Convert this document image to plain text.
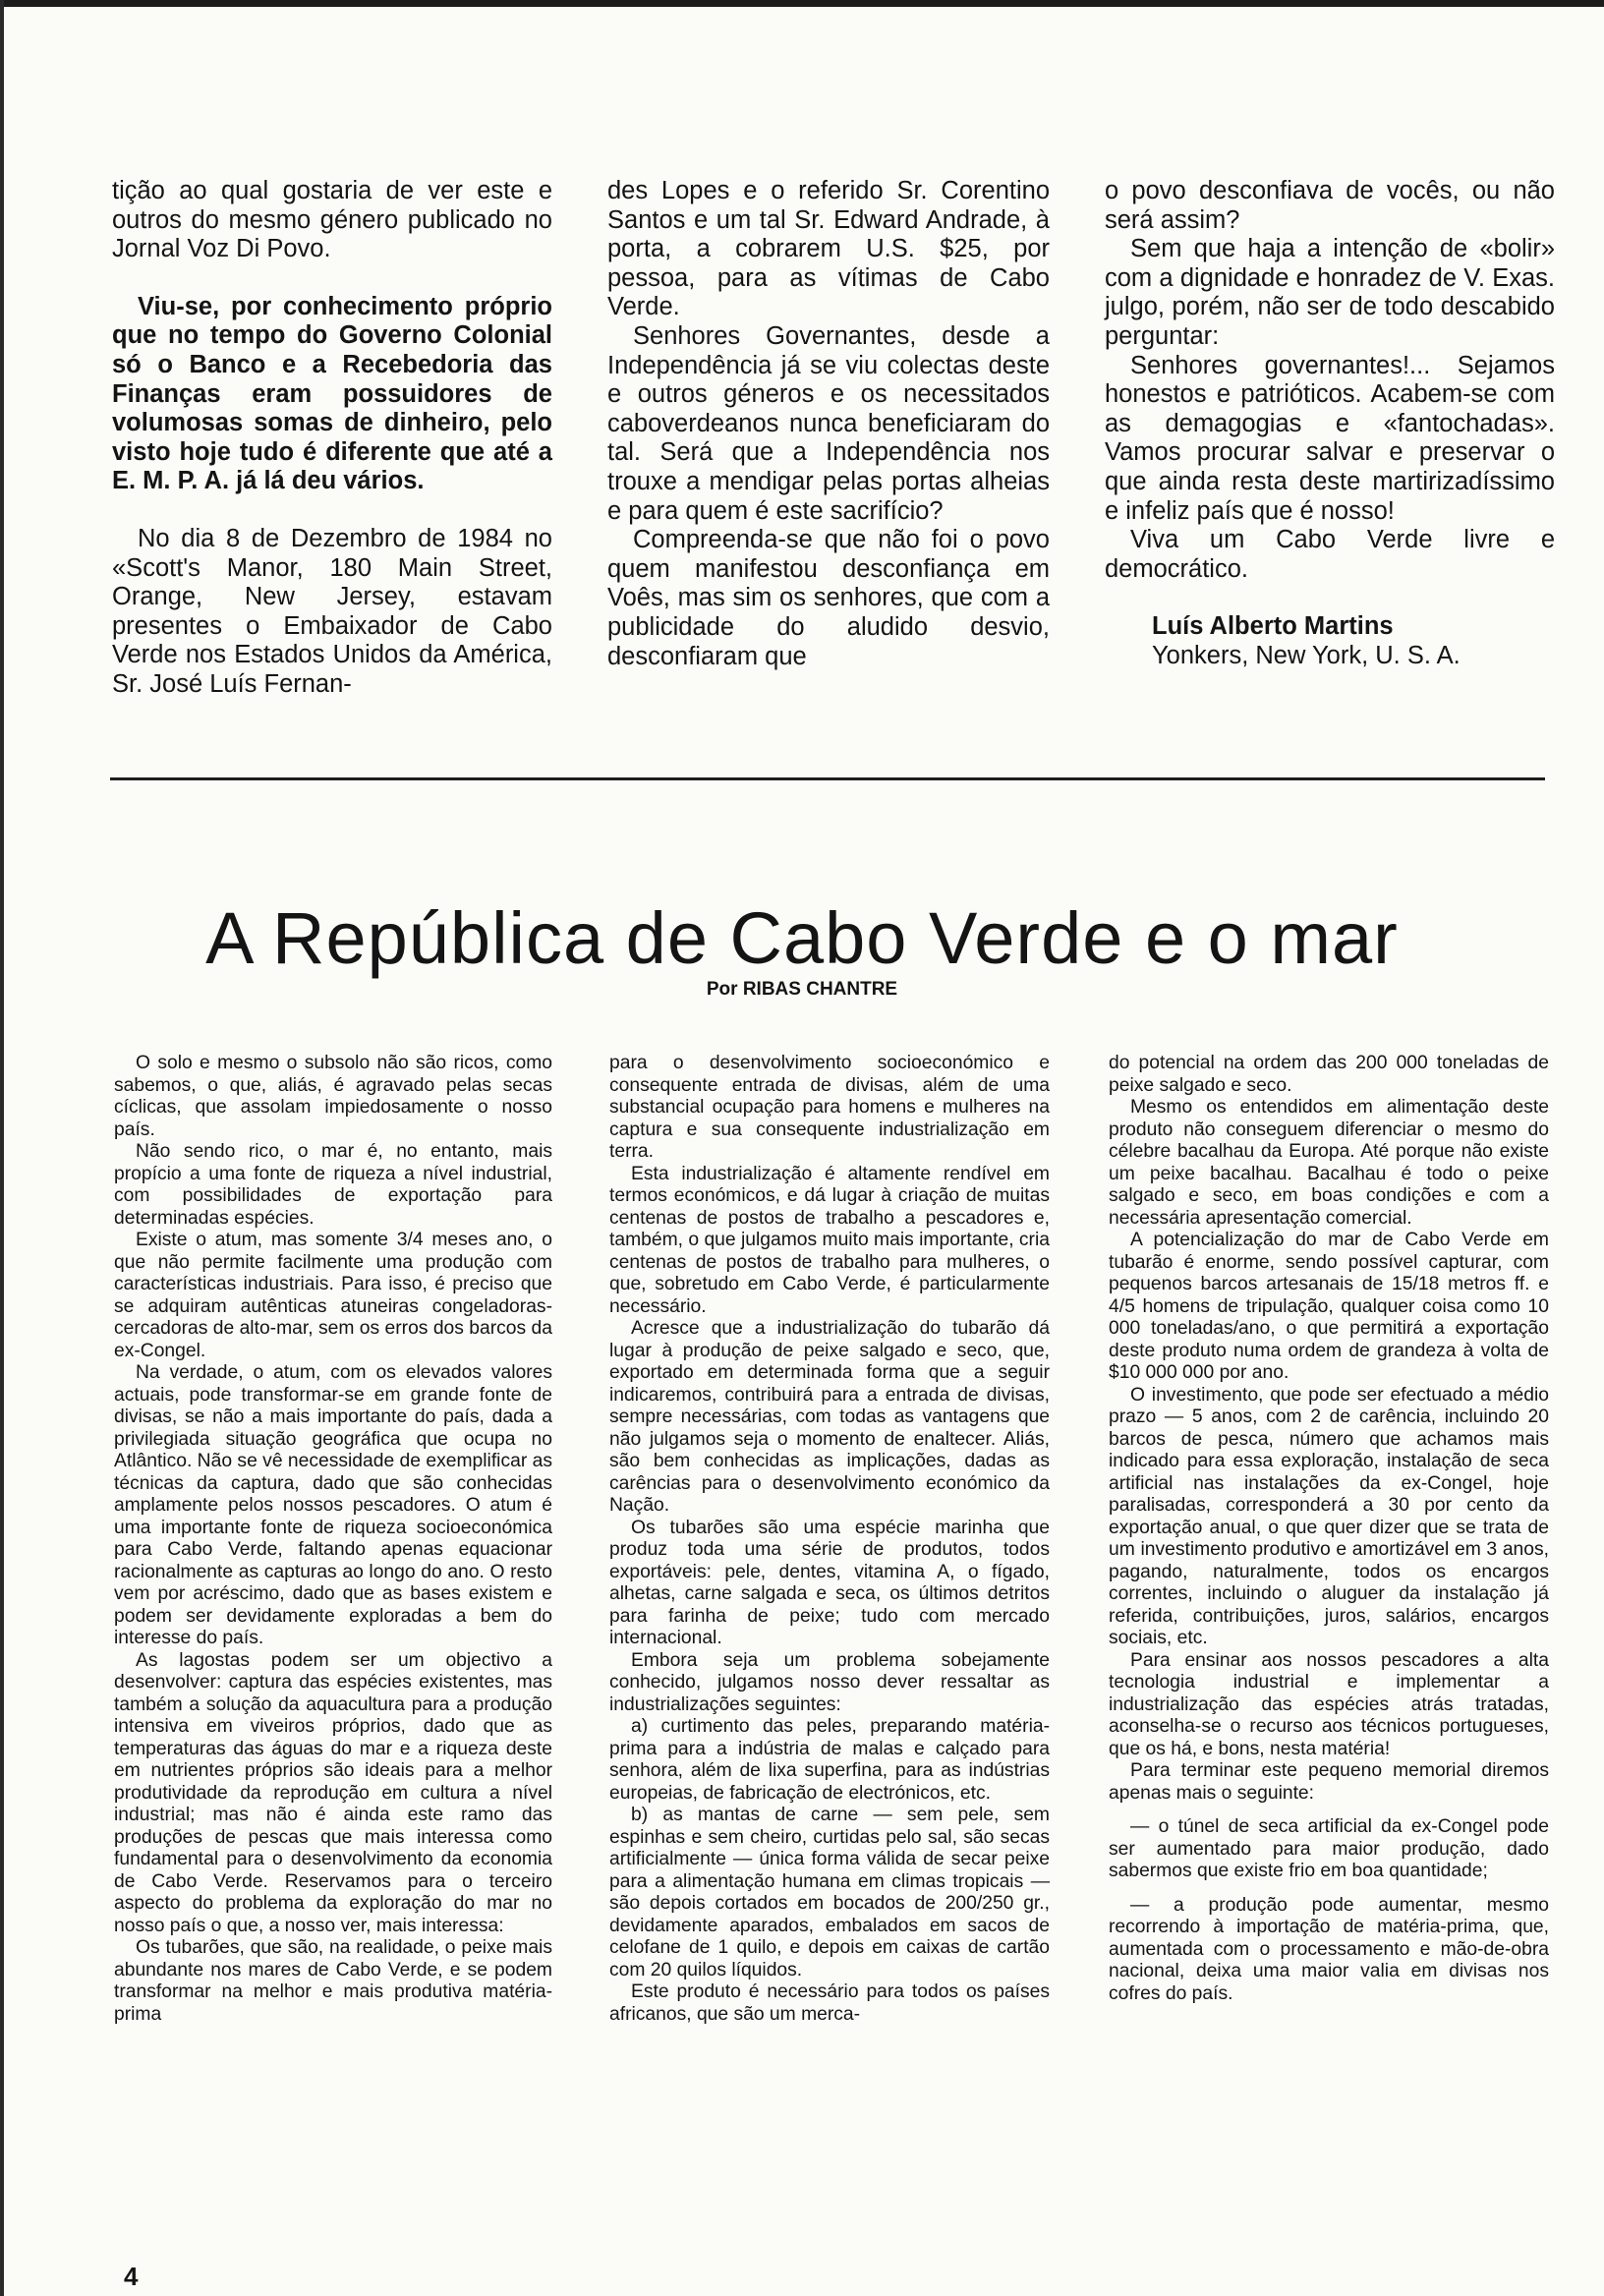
tição ao qual gostaria de ver este e outros do mesmo género publicado no Jornal Voz Di Povo.

Viu-se, por conhecimento próprio que no tempo do Governo Colonial só o Banco e a Recebedoria das Finanças eram possuidores de volumosas somas de dinheiro, pelo visto hoje tudo é diferente que até a E. M. P. A. já lá deu vários.

No dia 8 de Dezembro de 1984 no «Scott's Manor, 180 Main Street, Orange, New Jersey, estavam presentes o Embaixador de Cabo Verde nos Estados Unidos da América, Sr. José Luís Fernan-

des Lopes e o referido Sr. Corentino Santos e um tal Sr. Edward Andrade, à porta, a cobrarem U.S. $25, por pessoa, para as vítimas de Cabo Verde.

Senhores Governantes, desde a Independência já se viu colectas deste e outros géneros e os necessitados caboverdeanos nunca beneficiaram do tal. Será que a Independência nos trouxe a mendigar pelas portas alheias e para quem é este sacrifício?

Compreenda-se que não foi o povo quem manifestou desconfiança em Voês, mas sim os senhores, que com a publicidade do aludido desvio, desconfiaram que

o povo desconfiava de vocês, ou não será assim?

Sem que haja a intenção de «bolir» com a dignidade e honradez de V. Exas. julgo, porém, não ser de todo descabido perguntar:

Senhores governantes!... Sejamos honestos e patrióticos. Acabem-se com as demagogias e «fantochadas». Vamos procurar salvar e preservar o que ainda resta deste martirizadíssimo e infeliz país que é nosso!

Viva um Cabo Verde livre e democrático.

Luís Alberto Martins
Yonkers, New York, U. S. A.
A República de Cabo Verde e o mar
Por RIBAS CHANTRE

O solo e mesmo o subsolo não são ricos, como sabemos, o que, aliás, é agravado pelas secas cíclicas, que assolam impiedosamente o nosso país.

Não sendo rico, o mar é, no entanto, mais propício a uma fonte de riqueza a nível industrial, com possibilidades de exportação para determinadas espécies.

Existe o atum, mas somente 3/4 meses ano, o que não permite facilmente uma produção com características industriais. Para isso, é preciso que se adquiram autênticas atuneiras congeladoras-cercadoras de alto-mar, sem os erros dos barcos da ex-Congel.

Na verdade, o atum, com os elevados valores actuais, pode transformar-se em grande fonte de divisas, se não a mais importante do país, dada a privilegiada situação geográfica que ocupa no Atlântico. Não se vê necessidade de exemplificar as técnicas da captura, dado que são conhecidas amplamente pelos nossos pescadores. O atum é uma importante fonte de riqueza socioeconómica para Cabo Verde, faltando apenas equacionar racionalmente as capturas ao longo do ano. O resto vem por acréscimo, dado que as bases existem e podem ser devidamente exploradas a bem do interesse do país.

As lagostas podem ser um objectivo a desenvolver: captura das espécies existentes, mas também a solução da aquacultura para a produção intensiva em viveiros próprios, dado que as temperaturas das águas do mar e a riqueza deste em nutrientes próprios são ideais para a melhor produtividade da reprodução em cultura a nível industrial; mas não é ainda este ramo das produções de pescas que mais interessa como fundamental para o desenvolvimento da economia de Cabo Verde. Reservamos para o terceiro aspecto do problema da exploração do mar no nosso país o que, a nosso ver, mais interessa:

Os tubarões, que são, na realidade, o peixe mais abundante nos mares de Cabo Verde, e se podem transformar na melhor e mais produtiva matéria-prima

para o desenvolvimento socioeconómico e consequente entrada de divisas, além de uma substancial ocupação para homens e mulheres na captura e sua consequente industrialização em terra.

Esta industrialização é altamente rendível em termos económicos, e dá lugar à criação de muitas centenas de postos de trabalho a pescadores e, também, o que julgamos muito mais importante, cria centenas de postos de trabalho para mulheres, o que, sobretudo em Cabo Verde, é particularmente necessário.

Acresce que a industrialização do tubarão dá lugar à produção de peixe salgado e seco, que, exportado em determinada forma que a seguir indicaremos, contribuirá para a entrada de divisas, sempre necessárias, com todas as vantagens que não julgamos seja o momento de enaltecer. Aliás, são bem conhecidas as implicações, dadas as carências para o desenvolvimento económico da Nação.

Os tubarões são uma espécie marinha que produz toda uma série de produtos, todos exportáveis: pele, dentes, vitamina A, o fígado, alhetas, carne salgada e seca, os últimos detritos para farinha de peixe; tudo com mercado internacional.

Embora seja um problema sobejamente conhecido, julgamos nosso dever ressaltar as industrializações seguintes:

a) curtimento das peles, preparando matéria-prima para a indústria de malas e calçado para senhora, além de lixa superfina, para as indústrias europeias, de fabricação de electrónicos, etc.

b) as mantas de carne — sem pele, sem espinhas e sem cheiro, curtidas pelo sal, são secas artificialmente — única forma válida de secar peixe para a alimentação humana em climas tropicais — são depois cortados em bocados de 200/250 gr., devidamente aparados, embalados em sacos de celofane de 1 quilo, e depois em caixas de cartão com 20 quilos líquidos.

Este produto é necessário para todos os países africanos, que são um merca-

do potencial na ordem das 200 000 toneladas de peixe salgado e seco.

Mesmo os entendidos em alimentação deste produto não conseguem diferenciar o mesmo do célebre bacalhau da Europa. Até porque não existe um peixe bacalhau. Bacalhau é todo o peixe salgado e seco, em boas condições e com a necessária apresentação comercial.

A potencialização do mar de Cabo Verde em tubarão é enorme, sendo possível capturar, com pequenos barcos artesanais de 15/18 metros ff. e 4/5 homens de tripulação, qualquer coisa como 10 000 toneladas/ano, o que permitirá a exportação deste produto numa ordem de grandeza à volta de $10 000 000 por ano.

O investimento, que pode ser efectuado a médio prazo — 5 anos, com 2 de carência, incluindo 20 barcos de pesca, número que achamos mais indicado para essa exploração, instalação de seca artificial nas instalações da ex-Congel, hoje paralisadas, corresponderá a 30 por cento da exportação anual, o que quer dizer que se trata de um investimento produtivo e amortizável em 3 anos, pagando, naturalmente, todos os encargos correntes, incluindo o aluguer da instalação já referida, contribuições, juros, salários, encargos sociais, etc.

Para ensinar aos nossos pescadores a alta tecnologia industrial e implementar a industrialização das espécies atrás tratadas, aconselha-se o recurso aos técnicos portugueses, que os há, e bons, nesta matéria!

Para terminar este pequeno memorial diremos apenas mais o seguinte:

— o túnel de seca artificial da ex-Congel pode ser aumentado para maior produção, dado sabermos que existe frio em boa quantidade;

— a produção pode aumentar, mesmo recorrendo à importação de matéria-prima, que, aumentada com o processamento e mão-de-obra nacional, deixa uma maior valia em divisas nos cofres do país.

4
